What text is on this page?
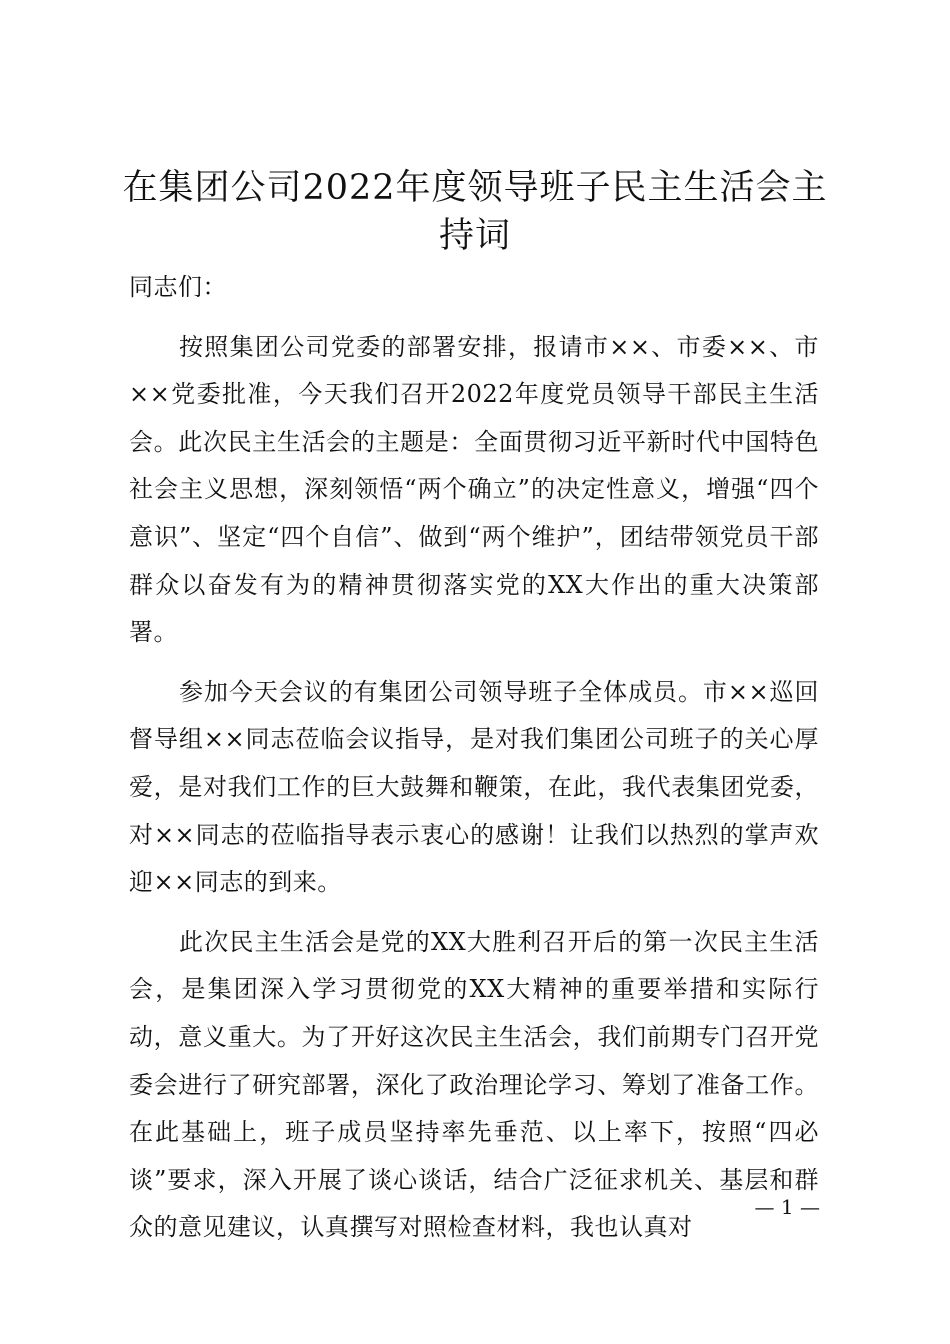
在集团公司2022年度领导班子民主生活会主持词

同志们：

按照集团公司党委的部署安排，报请市××、市委××、市××党委批准，今天我们召开2022年度党员领导干部民主生活会。此次民主生活会的主题是：全面贯彻习近平新时代中国特色社会主义思想，深刻领悟“两个确立”的决定性意义，增强“四个意识”、坚定“四个自信”、做到“两个维护”，团结带领党员干部群众以奋发有为的精神贯彻落实党的XX大作出的重大决策部署。

参加今天会议的有集团公司领导班子全体成员。市××巡回督导组××同志莅临会议指导，是对我们集团公司班子的关心厚爱，是对我们工作的巨大鼓舞和鞭策，在此，我代表集团党委，对××同志的莅临指导表示衷心的感谢！让我们以热烈的掌声欢迎××同志的到来。

此次民主生活会是党的XX大胜利召开后的第一次民主生活会，是集团深入学习贯彻党的XX大精神的重要举措和实际行动，意义重大。为了开好这次民主生活会，我们前期专门召开党委会进行了研究部署，深化了政治理论学习、筹划了准备工作。在此基础上，班子成员坚持率先垂范、以上率下，按照“四必谈”要求，深入开展了谈心谈话，结合广泛征求机关、基层和群众的意见建议，认真撰写对照检查材料，我也认真对

— 1 —
